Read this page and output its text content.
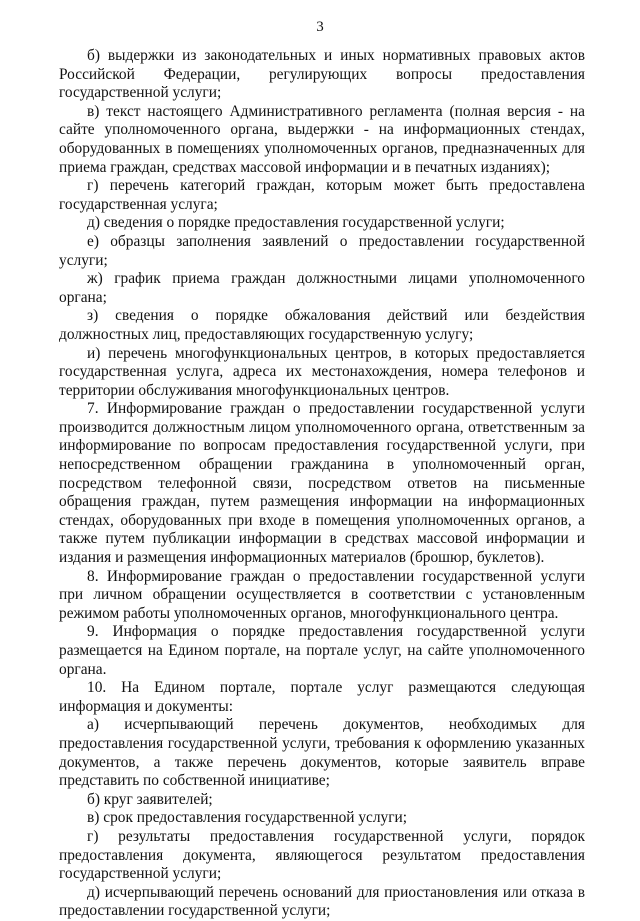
3

б) выдержки из законодательных и иных нормативных правовых актов Российской Федерации, регулирующих вопросы предоставления государственной услуги;

в) текст настоящего Административного регламента (полная версия - на сайте уполномоченного органа, выдержки - на информационных стендах, оборудованных в помещениях уполномоченных органов, предназначенных для приема граждан, средствах массовой информации и в печатных изданиях);

г) перечень категорий граждан, которым может быть предоставлена государственная услуга;

д) сведения о порядке предоставления государственной услуги;

е) образцы заполнения заявлений о предоставлении государственной услуги;

ж) график приема граждан должностными лицами уполномоченного органа;

з) сведения о порядке обжалования действий или бездействия должностных лиц, предоставляющих государственную услугу;

и) перечень многофункциональных центров, в которых предоставляется государственная услуга, адреса их местонахождения, номера телефонов и территории обслуживания многофункциональных центров.

7. Информирование граждан о предоставлении государственной услуги производится должностным лицом уполномоченного органа, ответственным за информирование по вопросам предоставления государственной услуги, при непосредственном обращении гражданина в уполномоченный орган, посредством телефонной связи, посредством ответов на письменные обращения граждан, путем размещения информации на информационных стендах, оборудованных при входе в помещения уполномоченных органов, а также путем публикации информации в средствах массовой информации и издания и размещения информационных материалов (брошюр, буклетов).

8. Информирование граждан о предоставлении государственной услуги при личном обращении осуществляется в соответствии с установленным режимом работы уполномоченных органов, многофункционального центра.

9. Информация о порядке предоставления государственной услуги размещается на Едином портале, на портале услуг, на сайте уполномоченного органа.

10. На Едином портале, портале услуг размещаются следующая информация и документы:

а) исчерпывающий перечень документов, необходимых для предоставления государственной услуги, требования к оформлению указанных документов, а также перечень документов, которые заявитель вправе представить по собственной инициативе;

б) круг заявителей;

в) срок предоставления государственной услуги;

г) результаты предоставления государственной услуги, порядок предоставления документа, являющегося результатом предоставления государственной услуги;

д) исчерпывающий перечень оснований для приостановления или отказа в предоставлении государственной услуги;
